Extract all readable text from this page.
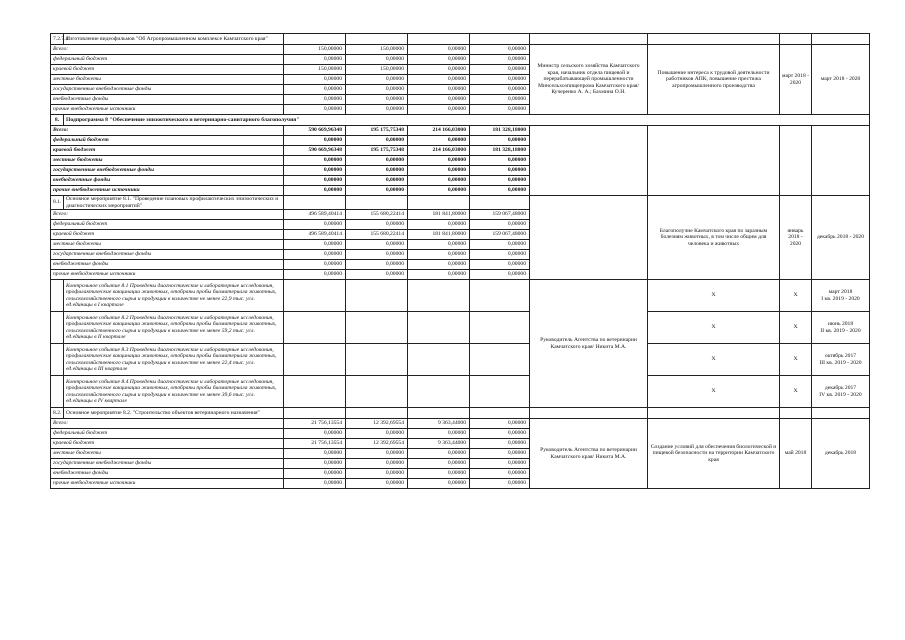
7.2.7.4.	Изготовление видеофильмов "Об Агропромышленном комплексе Камчатского края"								
Всего:		150,00000	150,00000	0,00000	0,00000	Министр сельского хозяйства Камчатского края, начальник отдела пищевой и перерабатывающей промышленности Минсельхозпищепрома Камчатского края/Кучеренко А. А.; Бахмина О.Н.	Повышение интереса к трудовой деятельности работников АПК, повышение престижа агропромышленного производства	март 2018 - 2020	март 2018 - 2020
федеральный бюджет		0,00000	0,00000	0,00000	0,00000				
краевой бюджет		150,00000	150,00000	0,00000	0,00000				
местные бюджеты		0,00000	0,00000	0,00000	0,00000				
государственные внебюджетные фонды		0,00000	0,00000	0,00000	0,00000				
внебюджетные фонды		0,00000	0,00000	0,00000	0,00000				
прочие внебюджетные источники		0,00000	0,00000	0,00000	0,00000				
8.	Подпрограмма 8 "Обеспечение эпизоотического и ветеринарно-санитарного благополучия"								
Всего:		590 669,96348	195 175,75348	214 166,03000	181 328,18000				
федеральный бюджет		0,00000	0,00000	0,00000	0,00000				
краевой бюджет		590 669,96348	195 175,75348	214 166,03000	181 328,18000				
местные бюджеты		0,00000	0,00000	0,00000	0,00000				
государственные внебюджетные фонды		0,00000	0,00000	0,00000	0,00000				
внебюджетные фонды		0,00000	0,00000	0,00000	0,00000				
прочие внебюджетные источники		0,00000	0,00000	0,00000	0,00000				
8.1.	Основное мероприятие 8.1. "Проведение плановых профилактических эпизоотических и диагностических мероприятий"						Благополучие Камчатского края по заразным болезням животных, в том числе общим для человека и животных	январь 2018 - 2020	декабрь 2018 - 2020
Всего:		496 589,40414	155 680,22414	181 841,80000	159 067,48000				
федеральный бюджет		0,00000	0,00000	0,00000	0,00000				
краевой бюджет		496 589,40414	155 680,22414	181 841,80000	159 067,48000				
местные бюджеты		0,00000	0,00000	0,00000	0,00000				
государственные внебюджетные фонды		0,00000	0,00000	0,00000	0,00000				
внебюджетные фонды		0,00000	0,00000	0,00000	0,00000				
прочие внебюджетные источники		0,00000	0,00000	0,00000	0,00000				
	Контрольное событие 8.1 Проведены диагностические и лабораторные исследования, профилактические вакцинации животных, отобраны пробы биоматериала животных, сельскохозяйственного сырья и продукции в количестве не менее 22,9 тыс. усл. ед.единицы в I квартале					Руководитель Агентства по ветеринарии Камчатского края/ Никита М.А.	X	X	март 2018
I кв. 2019 - 2020
	Контрольное событие 8.2 Проведены диагностические и лабораторные исследования, профилактические вакцинации животных, отобраны пробы биоматериала животных, сельскохозяйственного сырья и продукции в количестве не менее 59,2 тыс. усл. ед.единицы в II квартале						X	X	июнь 2018
II кв. 2019 - 2020
	Контрольное событие 8.3 Проведены диагностические и лабораторные исследования, профилактические вакцинации животных, отобраны пробы биоматериала животных, сельскохозяйственного сырья и продукции в количестве не менее 22,4 тыс. усл. ед.единицы в III квартале						X	X	октябрь 2017
III кв. 2019 - 2020
	Контрольное событие 8.4 Проведены диагностические и лабораторные исследования, профилактические вакцинации животных, отобраны пробы биоматериала животных, сельскохозяйственного сырья и продукции в количестве не менее 39,6 тыс. усл. ед.единицы в IV квартале						X	X	декабрь 2017
IV кв. 2019 - 2020
8.2.	Основное мероприятие 8.2. "Строительство объектов ветеринарного назначения"								
Всего:		21 756,13554	12 392,69554	9 363,44000	0,00000	Руководитель Агентства по ветеринарии Камчатского края/ Никита М.А.	Создание условий для обеспечения биологической и пищевой безопасности на территории Камчатского края	май 2018	декабрь 2018
федеральный бюджет		0,00000	0,00000	0,00000	0,00000				
краевой бюджет		21 756,13554	12 392,69554	9 363,44000	0,00000				
местные бюджеты		0,00000	0,00000	0,00000	0,00000				
государственные внебюджетные фонды		0,00000	0,00000	0,00000	0,00000				
внебюджетные фонды		0,00000	0,00000	0,00000	0,00000				
прочие внебюджетные источники		0,00000	0,00000	0,00000	0,00000				
